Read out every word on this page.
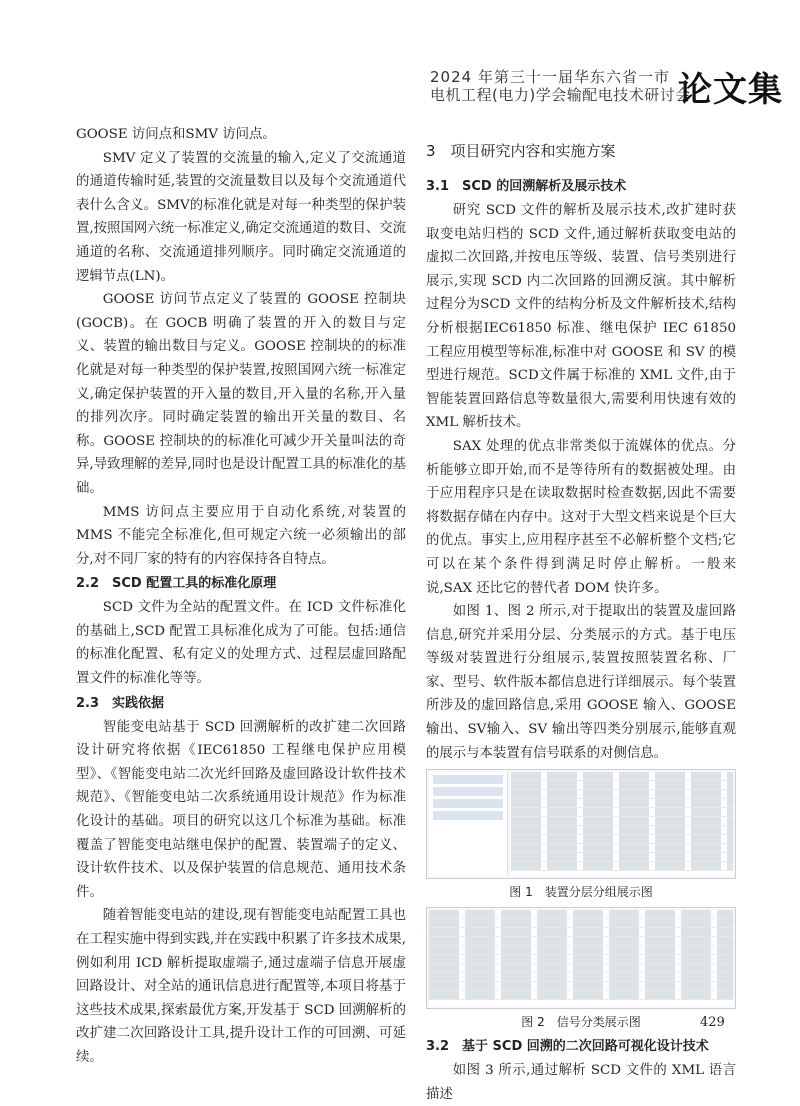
2024 年第三十一届华东六省一市
电机工程(电力)学会输配电技术研讨会
论文集

GOOSE 访问点和SMV 访问点。

SMV 定义了装置的交流量的输入,定义了交流通道的通道传输时延,装置的交流量数目以及每个交流通道代表什么含义。SMV的标准化就是对每一种类型的保护装置,按照国网六统一标准定义,确定交流通道的数目、交流通道的名称、交流通道排列顺序。同时确定交流通道的逻辑节点(LN)。

GOOSE 访问节点定义了装置的 GOOSE 控制块(GOCB)。在 GOCB 明确了装置的开入的数目与定义、装置的输出数目与定义。GOOSE 控制块的的标准化就是对每一种类型的保护装置,按照国网六统一标准定义,确定保护装置的开入量的数目,开入量的名称,开入量的排列次序。同时确定装置的输出开关量的数目、名称。GOOSE 控制块的的标准化可减少开关量叫法的奇异,导致理解的差异,同时也是设计配置工具的标准化的基础。

MMS 访问点主要应用于自动化系统,对装置的MMS 不能完全标准化,但可规定六统一必须输出的部分,对不同厂家的特有的内容保持各自特点。

2.2　SCD 配置工具的标准化原理

SCD 文件为全站的配置文件。在 ICD 文件标准化的基础上,SCD 配置工具标准化成为了可能。包括:通信的标准化配置、私有定义的处理方式、过程层虚回路配置文件的标准化等等。

2.3　实践依据

智能变电站基于 SCD 回溯解析的改扩建二次回路设计研究将依据《IEC61850 工程继电保护应用模型》、《智能变电站二次光纤回路及虚回路设计软件技术规范》、《智能变电站二次系统通用设计规范》作为标准化设计的基础。项目的研究以这几个标准为基础。标准覆盖了智能变电站继电保护的配置、装置端子的定义、设计软件技术、以及保护装置的信息规范、通用技术条件。

随着智能变电站的建设,现有智能变电站配置工具也在工程实施中得到实践,并在实践中积累了许多技术成果,例如利用 ICD 解析提取虚端子,通过虚端子信息开展虚回路设计、对全站的通讯信息进行配置等,本项目将基于这些技术成果,探索最优方案,开发基于 SCD 回溯解析的改扩建二次回路设计工具,提升设计工作的可回溯、可延续。

3　项目研究内容和实施方案
3.1　SCD 的回溯解析及展示技术

研究 SCD 文件的解析及展示技术,改扩建时获取变电站归档的 SCD 文件,通过解析获取变电站的虚拟二次回路,并按电压等级、装置、信号类别进行展示,实现 SCD 内二次回路的回溯反演。其中解析过程分为SCD 文件的结构分析及文件解析技术,结构分析根据IEC61850 标准、继电保护 IEC 61850 工程应用模型等标准,标准中对 GOOSE 和 SV 的模型进行规范。SCD文件属于标准的 XML 文件,由于智能装置回路信息等数量很大,需要利用快速有效的 XML 解析技术。

SAX 处理的优点非常类似于流媒体的优点。分析能够立即开始,而不是等待所有的数据被处理。由于应用程序只是在读取数据时检查数据,因此不需要将数据存储在内存中。这对于大型文档来说是个巨大的优点。事实上,应用程序甚至不必解析整个文档;它可以在某个条件得到满足时停止解析。一般来说,SAX 还比它的替代者 DOM 快许多。

如图 1、图 2 所示,对于提取出的装置及虚回路信息,研究并采用分层、分类展示的方式。基于电压等级对装置进行分组展示,装置按照装置名称、厂家、型号、软件版本都信息进行详细展示。每个装置所涉及的虚回路信息,采用 GOOSE 输入、GOOSE 输出、SV输入、SV 输出等四类分别展示,能够直观的展示与本装置有信号联系的对侧信息。

图 1　装置分层分组展示图
图 2　信号分类展示图
3.2　基于 SCD 回溯的二次回路可视化设计技术

如图 3 所示,通过解析 SCD 文件的 XML 语言描述

429
